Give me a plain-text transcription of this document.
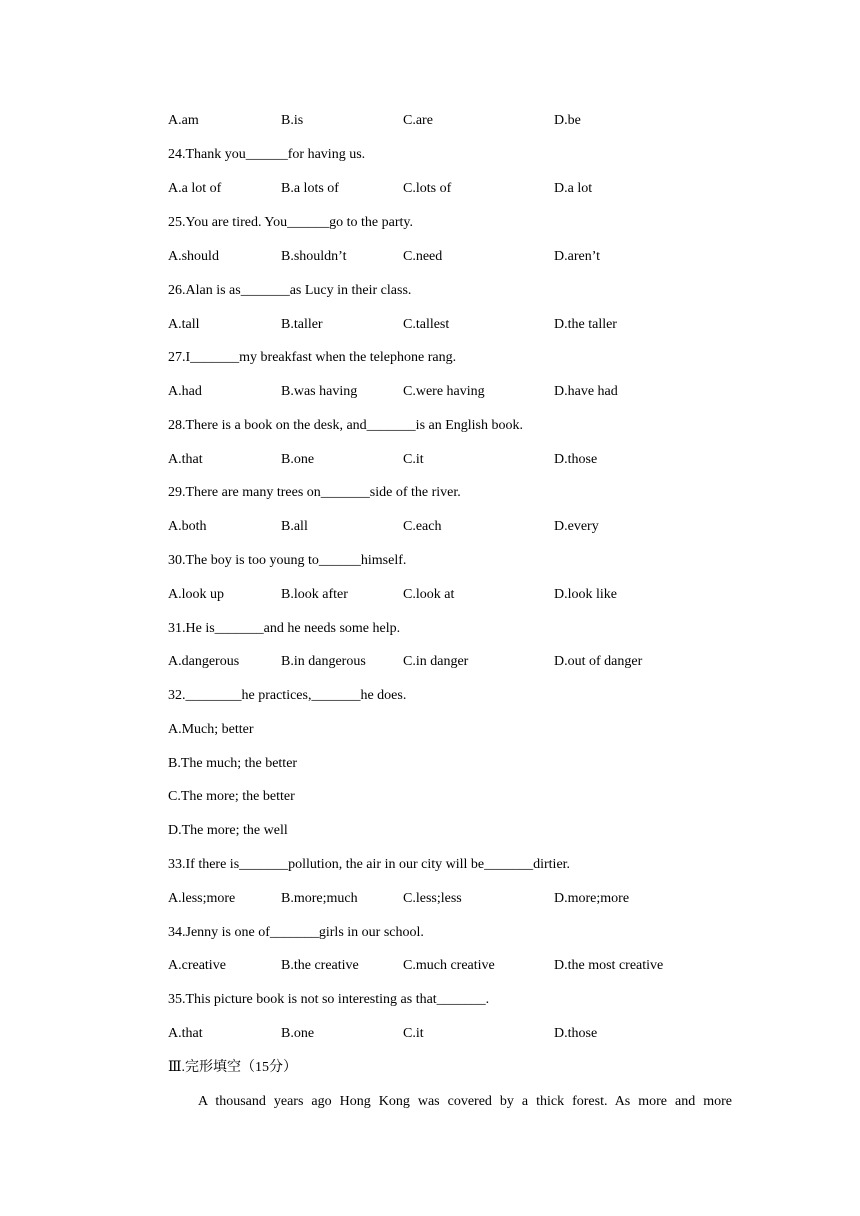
A.am	B.is	C.are	D.be
24.Thank you______for having us.
A.a lot of	B.a lots of	C.lots of	D.a lot
25.You are tired. You______go to the party.
A.should	B.shouldn’t	C.need	D.aren’t
26.Alan is as_______as Lucy in their class.
A.tall	B.taller	C.tallest	D.the taller
27.I_______my breakfast when the telephone rang.
A.had	B.was having	C.were having	D.have had
28.There is a book on the desk, and_______is an English book.
A.that	B.one	C.it	D.those
29.There are many trees on_______side of the river.
A.both	B.all	C.each	D.every
30.The boy is too young to______himself.
A.look up	B.look after	C.look at	D.look like
31.He is_______and he needs some help.
A.dangerous	B.in dangerous	C.in danger	D.out of danger
32.________he practices,_______he does.
A.Much; better
B.The much; the better
C.The more; the better
D.The more; the well
33.If there is_______pollution, the air in our city will be_______dirtier.
A.less;more	B.more;much	C.less;less	D.more;more
34.Jenny is one of_______girls in our school.
A.creative	B.the creative	C.much creative	D.the most creative
35.This picture book is not so interesting as that_______.
A.that	B.one	C.it	D.those
Ⅲ.完形填空（15分）
A thousand years ago Hong Kong was covered by a thick forest. As more and more
